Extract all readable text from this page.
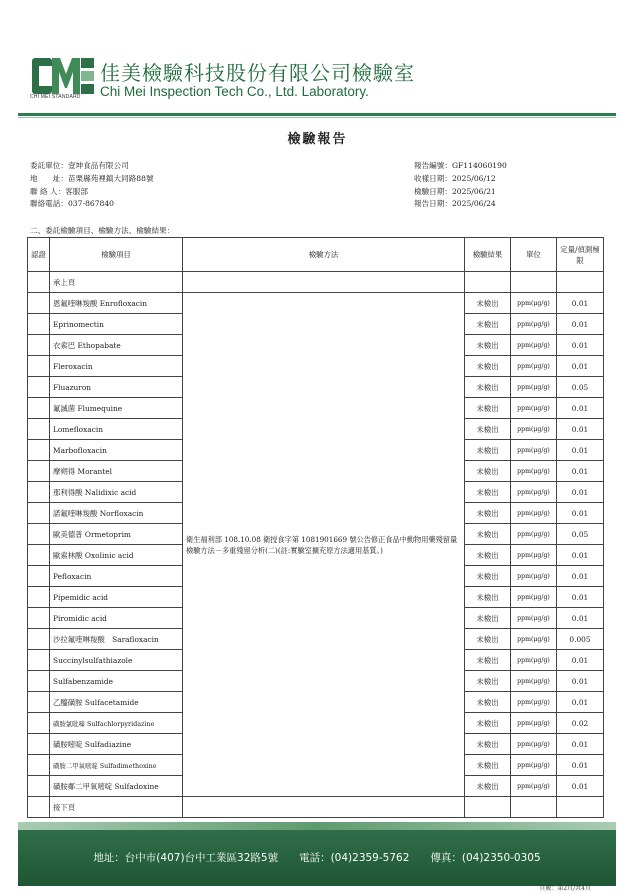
CHI MEI STANDARD
佳美檢驗科技股份有限公司檢驗室
Chi Mei Inspection Tech Co., Ltd. Laboratory.
檢驗報告
委託單位：壹坤食品有限公司
地　　址：苗栗縣苑裡鎮大同路88號
聯 絡 人：客服部
聯絡電話：037-867840
報告編號：GF114060190
收樣日期：2025/06/12
檢驗日期：2025/06/21
報告日期：2025/06/24
二、委託檢驗項目、檢驗方法、檢驗結果：
認證	檢驗項目	檢驗方法	檢驗結果	單位	定量/偵測極限
	承上頁				
	恩氟喹啉羧酸 Enrofloxacin	衛生福利部 108.10.08 衛授食字第 1081901669 號公告修正食品中動物用藥殘留量檢驗方法－多重殘留分析(二)(註:實驗室擴充原方法適用基質。)	未檢出	ppm(μg/g)	0.01
	Eprinomectin		未檢出	ppm(μg/g)	0.01
	衣索巴 Ethopabate		未檢出	ppm(μg/g)	0.01
	Fleroxacin		未檢出	ppm(μg/g)	0.01
	Fluazuron		未檢出	ppm(μg/g)	0.05
	氟滅菌 Flumequine		未檢出	ppm(μg/g)	0.01
	Lomefloxacin		未檢出	ppm(μg/g)	0.01
	Marbofloxacin		未檢出	ppm(μg/g)	0.01
	摩朔得 Morantel		未檢出	ppm(μg/g)	0.01
	那利得酸 Nalidixic acid		未檢出	ppm(μg/g)	0.01
	諾氟喹啉羧酸 Norfloxacin		未檢出	ppm(μg/g)	0.01
	歐美德普 Ormetoprim		未檢出	ppm(μg/g)	0.05
	歐索林酸 Oxolinic acid		未檢出	ppm(μg/g)	0.01
	Pefloxacin		未檢出	ppm(μg/g)	0.01
	Pipemidic acid		未檢出	ppm(μg/g)	0.01
	Piromidic acid		未檢出	ppm(μg/g)	0.01
	沙拉氟喹啉羧酸　Sarafloxacin		未檢出	ppm(μg/g)	0.005
	Succinylsulfathiazole		未檢出	ppm(μg/g)	0.01
	Sulfabenzamide		未檢出	ppm(μg/g)	0.01
	乙醯磺胺 Sulfacetamide		未檢出	ppm(μg/g)	0.01
	磺胺氯吡嗪 Sulfachlorpyridazine		未檢出	ppm(μg/g)	0.02
	磺胺嘧啶 Sulfadiazine		未檢出	ppm(μg/g)	0.01
	磺胺二甲氧嘧啶 Sulfadimethoxine		未檢出	ppm(μg/g)	0.01
	磺胺鄰二甲氧嘧啶 Sulfadoxine		未檢出	ppm(μg/g)	0.01
	接下頁				
地址：台中市(407)台中工業區32路5號　　電話：(04)2359-5762　　傳真：(04)2350-0305
頁數：第2頁/共4頁
